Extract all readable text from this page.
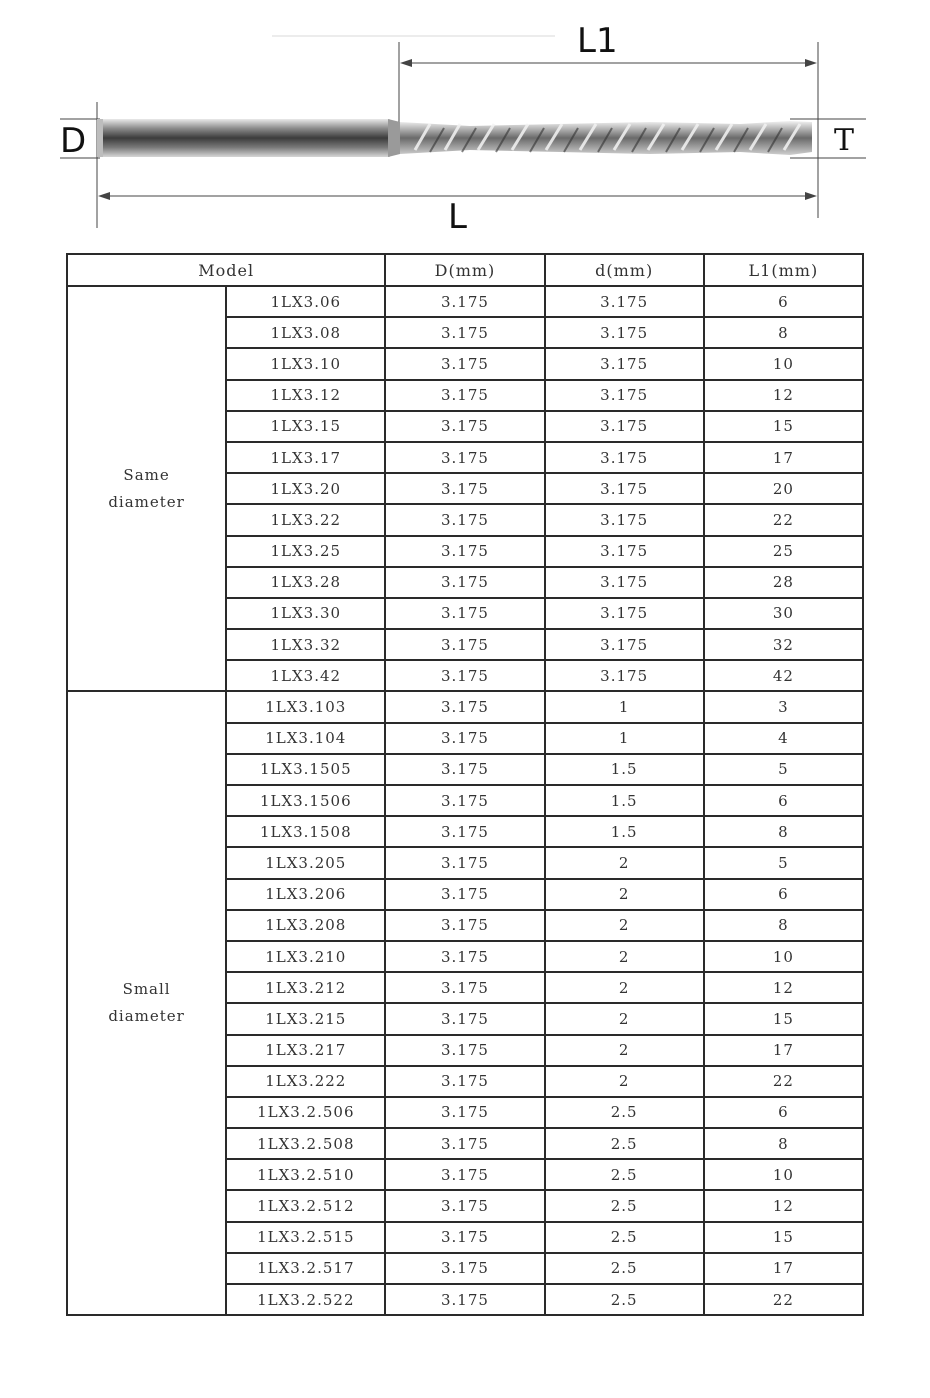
D	T
L
L1
Model		D(mm)	d(mm)	L1(mm)

Same
diameter	1LX3.06	3.175	3.175	6
	1LX3.08	3.175	3.175	8
	1LX3.10	3.175	3.175	10
	1LX3.12	3.175	3.175	12
	1LX3.15	3.175	3.175	15
	1LX3.17	3.175	3.175	17
	1LX3.20	3.175	3.175	20
	1LX3.22	3.175	3.175	22
	1LX3.25	3.175	3.175	25
	1LX3.28	3.175	3.175	28
	1LX3.30	3.175	3.175	30
	1LX3.32	3.175	3.175	32
	1LX3.42	3.175	3.175	42

Small
diameter	1LX3.103	3.175	1	3
	1LX3.104	3.175	1	4
	1LX3.1505	3.175	1.5	5
	1LX3.1506	3.175	1.5	6
	1LX3.1508	3.175	1.5	8
	1LX3.205	3.175	2	5
	1LX3.206	3.175	2	6
	1LX3.208	3.175	2	8
	1LX3.210	3.175	2	10
	1LX3.212	3.175	2	12
	1LX3.215	3.175	2	15
	1LX3.217	3.175	2	17
	1LX3.222	3.175	2	22
	1LX3.2.506	3.175	2.5	6
	1LX3.2.508	3.175	2.5	8
	1LX3.2.510	3.175	2.5	10
	1LX3.2.512	3.175	2.5	12
	1LX3.2.515	3.175	2.5	15
	1LX3.2.517	3.175	2.5	17
	1LX3.2.522	3.175	2.5	22
